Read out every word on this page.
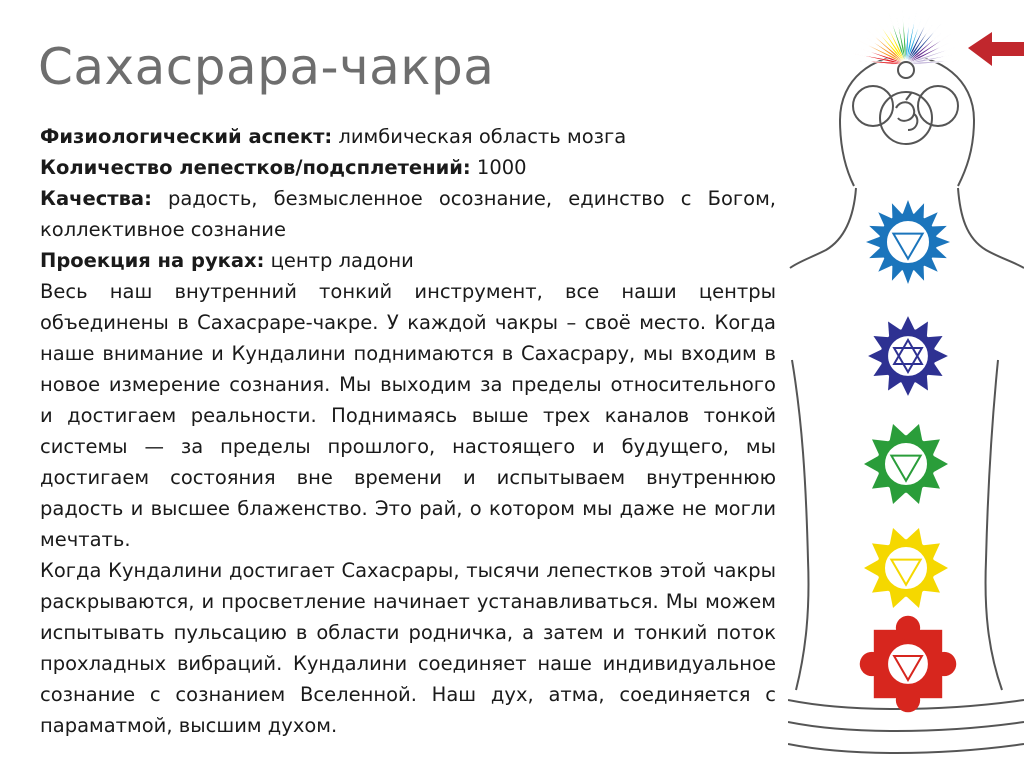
Сахасрара-чакра

Физиологический аспект: лимбическая область мозга

Количество лепестков/подсплетений: 1000

Качества: радость, безмысленное осознание, единство с Богом, коллективное сознание

Проекция на руках: центр ладони

Весь наш внутренний тонкий инструмент, все наши центры объединены в Сахасраре-чакре. У каждой чакры – своё место. Когда наше внимание и Кундалини поднимаются в Сахасрару, мы входим в новое измерение сознания. Мы выходим за пределы относительного и достигаем реальности. Поднимаясь выше трех каналов тонкой системы — за пределы прошлого, настоящего и будущего, мы достигаем состояния вне времени и испытываем внутреннюю радость и высшее блаженство. Это рай, о котором мы даже не могли мечтать.

Когда Кундалини достигает Сахасрары, тысячи лепестков этой чакры раскрываются, и просветление начинает устанавливаться. Мы можем испытывать пульсацию в области родничка, а затем и тонкий поток прохладных вибраций. Кундалини соединяет наше индивидуальное сознание с сознанием Вселенной. Наш дух, атма, соединяется с параматмой, высшим духом.
